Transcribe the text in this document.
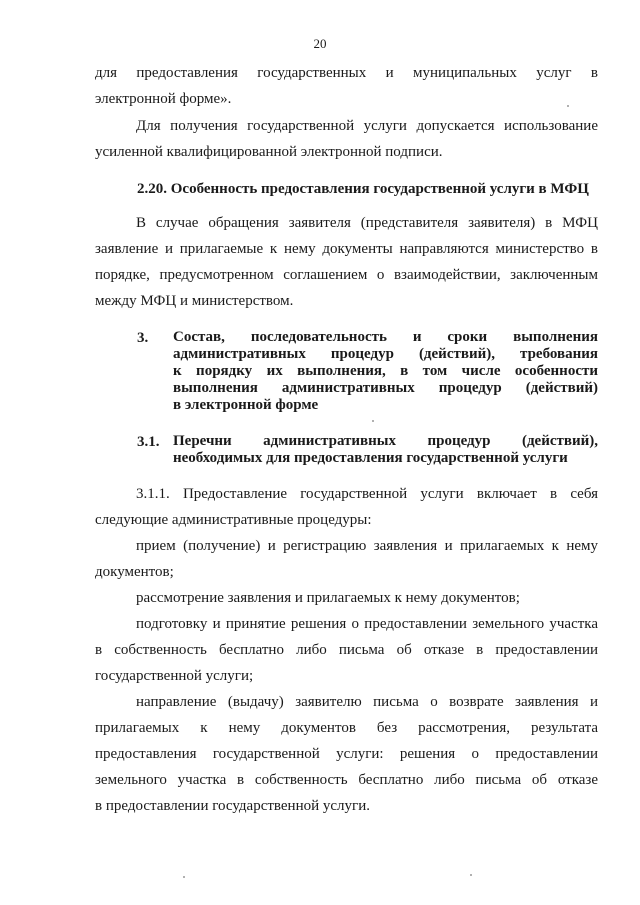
20
для предоставления государственных и муниципальных услуг в
электронной форме».
Для получения государственной услуги допускается использование
усиленной квалифицированной электронной подписи.
2.20. Особенность предоставления государственной услуги в МФЦ
В случае обращения заявителя (представителя заявителя) в МФЦ
заявление и прилагаемые к нему документы направляются министерство в
порядке, предусмотренном соглашением о взаимодействии, заключенным
между МФЦ и министерством.
3. Состав, последовательность и сроки выполнения
административных процедур (действий), требования
к порядку их выполнения, в том числе особенности
выполнения административных процедур (действий)
в электронной форме
3.1. Перечни административных процедур (действий),
необходимых для предоставления государственной услуги
3.1.1. Предоставление государственной услуги включает в себя
следующие административные процедуры:
прием (получение) и регистрацию заявления и прилагаемых к нему
документов;
рассмотрение заявления и прилагаемых к нему документов;
подготовку и принятие решения о предоставлении земельного участка
в собственность бесплатно либо письма об отказе в предоставлении
государственной услуги;
направление (выдачу) заявителю письма о возврате заявления и
прилагаемых к нему документов без рассмотрения, результата
предоставления государственной услуги: решения о предоставлении
земельного участка в собственность бесплатно либо письма об отказе
в предоставлении государственной услуги.
